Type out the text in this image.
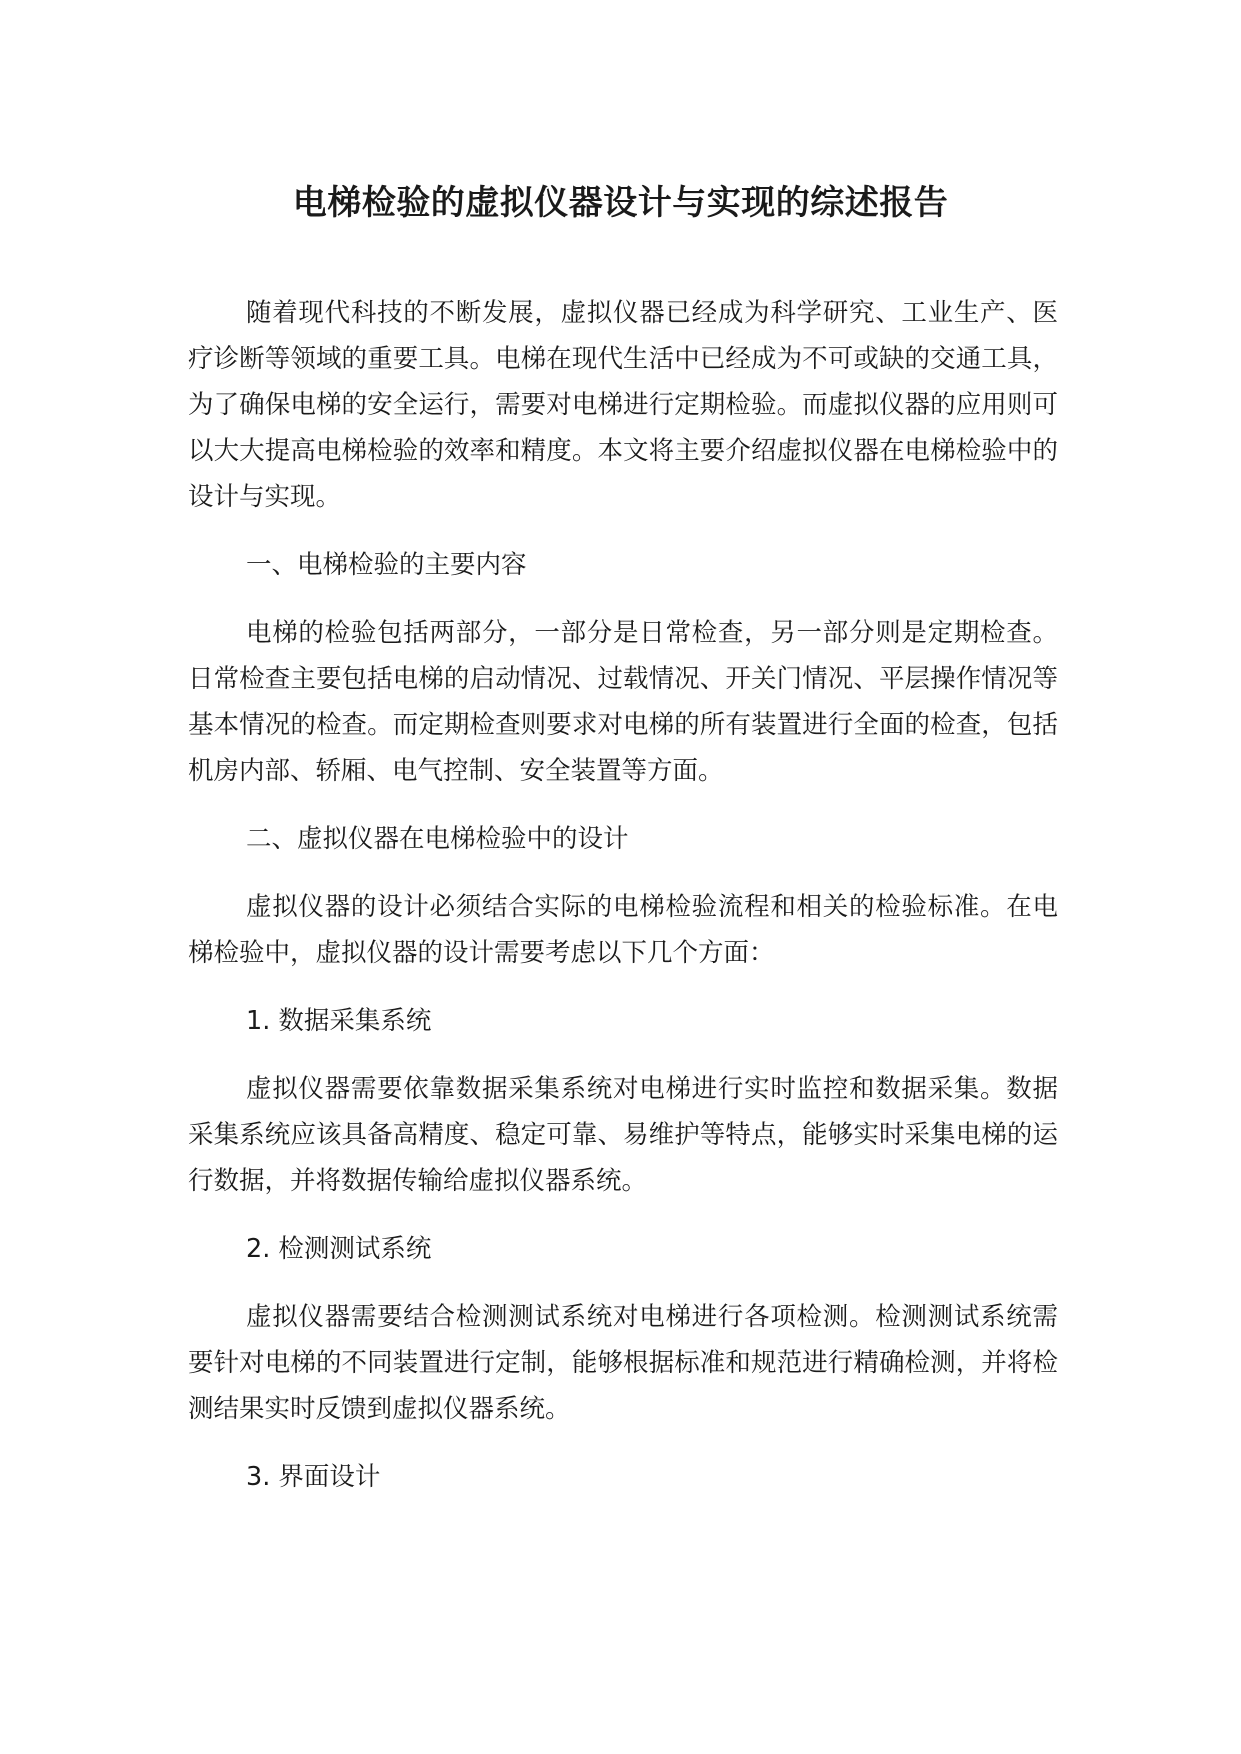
电梯检验的虚拟仪器设计与实现的综述报告

随着现代科技的不断发展，虚拟仪器已经成为科学研究、工业生产、医疗诊断等领域的重要工具。电梯在现代生活中已经成为不可或缺的交通工具，为了确保电梯的安全运行，需要对电梯进行定期检验。而虚拟仪器的应用则可以大大提高电梯检验的效率和精度。本文将主要介绍虚拟仪器在电梯检验中的设计与实现。

一、电梯检验的主要内容

电梯的检验包括两部分，一部分是日常检查，另一部分则是定期检查。日常检查主要包括电梯的启动情况、过载情况、开关门情况、平层操作情况等基本情况的检查。而定期检查则要求对电梯的所有装置进行全面的检查，包括机房内部、轿厢、电气控制、安全装置等方面。

二、虚拟仪器在电梯检验中的设计

虚拟仪器的设计必须结合实际的电梯检验流程和相关的检验标准。在电梯检验中，虚拟仪器的设计需要考虑以下几个方面：

1. 数据采集系统

虚拟仪器需要依靠数据采集系统对电梯进行实时监控和数据采集。数据采集系统应该具备高精度、稳定可靠、易维护等特点，能够实时采集电梯的运行数据，并将数据传输给虚拟仪器系统。

2. 检测测试系统

虚拟仪器需要结合检测测试系统对电梯进行各项检测。检测测试系统需要针对电梯的不同装置进行定制，能够根据标准和规范进行精确检测，并将检测结果实时反馈到虚拟仪器系统。

3. 界面设计
